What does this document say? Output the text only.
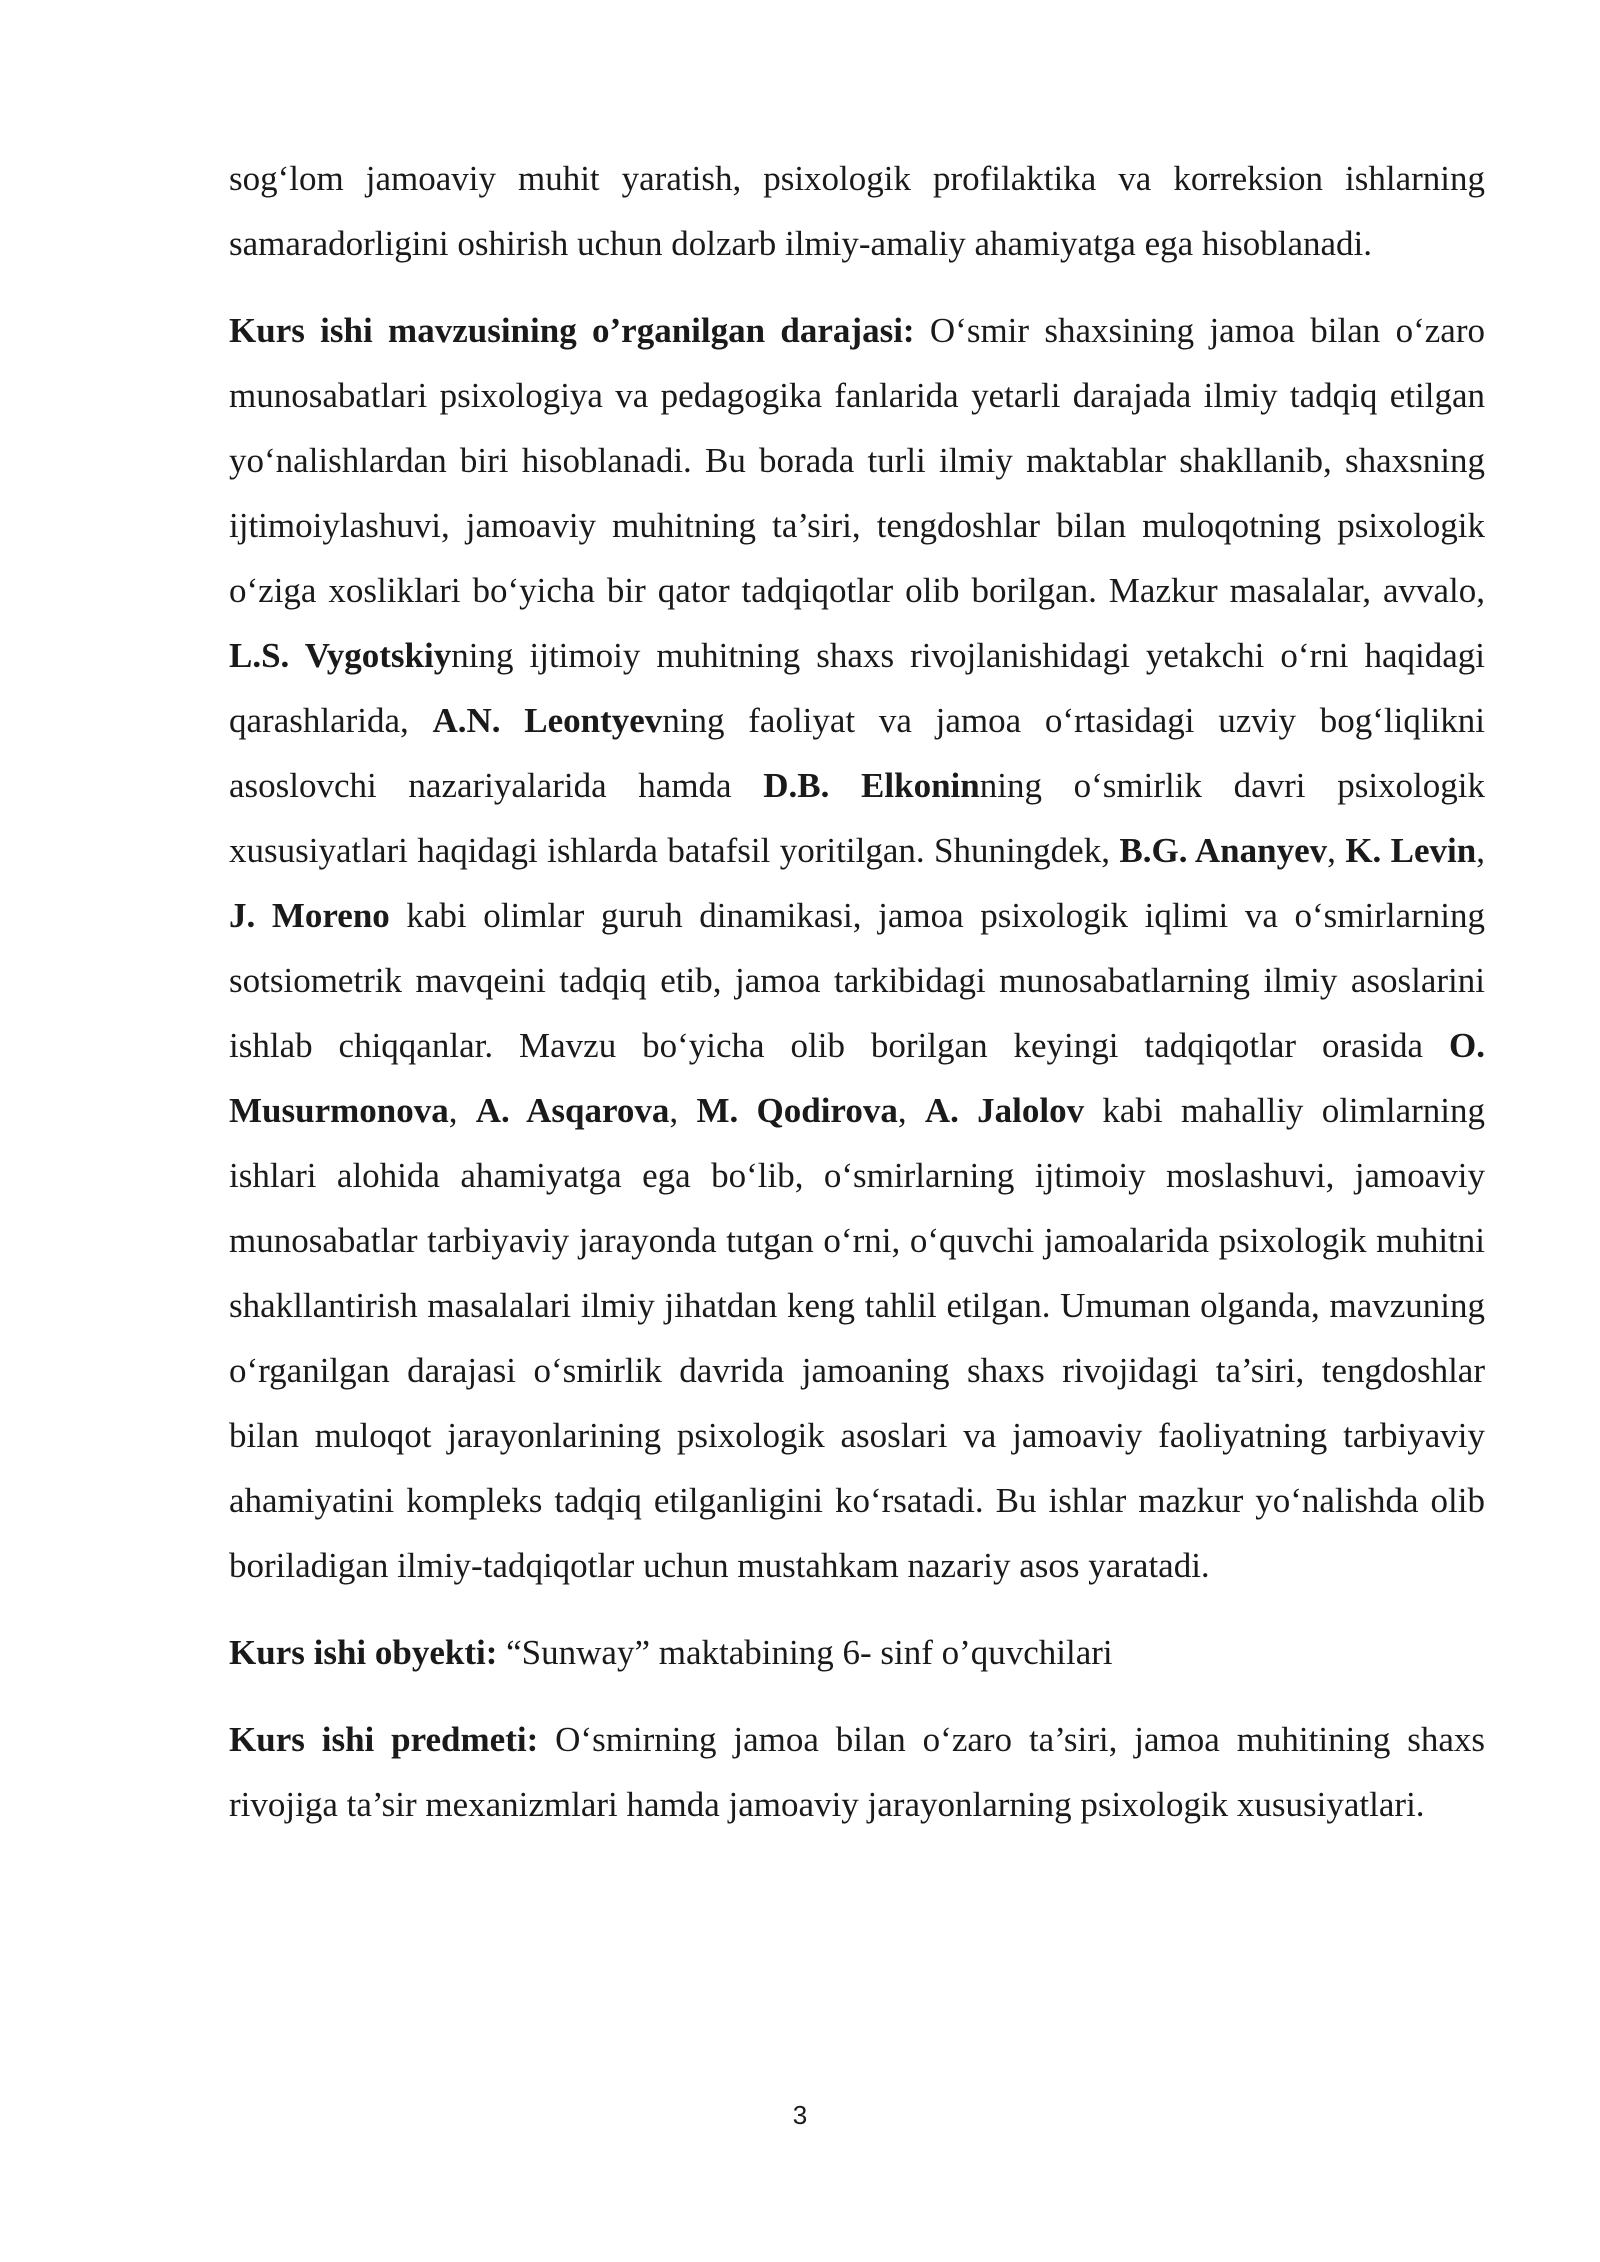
sog‘lom jamoaviy muhit yaratish, psixologik profilaktika va korreksion ishlarning samaradorligini oshirish uchun dolzarb ilmiy-amaliy ahamiyatga ega hisoblanadi.

Kurs ishi mavzusining o’rganilgan darajasi: O‘smir shaxsining jamoa bilan o‘zaro munosabatlari psixologiya va pedagogika fanlarida yetarli darajada ilmiy tadqiq etilgan yo‘nalishlardan biri hisoblanadi. Bu borada turli ilmiy maktablar shakllanib, shaxsning ijtimoiylashuvi, jamoaviy muhitning ta’siri, tengdoshlar bilan muloqotning psixologik o‘ziga xosliklari bo‘yicha bir qator tadqiqotlar olib borilgan. Mazkur masalalar, avvalo, L.S. Vygotskiyning ijtimoiy muhitning shaxs rivojlanishidagi yetakchi o‘rni haqidagi qarashlarida, A.N. Leontyevning faoliyat va jamoa o‘rtasidagi uzviy bog‘liqlikni asoslovchi nazariyalarida hamda D.B. Elkoninning o‘smirlik davri psixologik xususiyatlari haqidagi ishlarda batafsil yoritilgan. Shuningdek, B.G. Ananyev, K. Levin, J. Moreno kabi olimlar guruh dinamikasi, jamoa psixologik iqlimi va o‘smirlarning sotsiometrik mavqeini tadqiq etib, jamoa tarkibidagi munosabatlarning ilmiy asoslarini ishlab chiqqanlar. Mavzu bo‘yicha olib borilgan keyingi tadqiqotlar orasida O. Musurmonova, A. Asqarova, M. Qodirova, A. Jalolov kabi mahalliy olimlarning ishlari alohida ahamiyatga ega bo‘lib, o‘smirlarning ijtimoiy moslashuvi, jamoaviy munosabatlar tarbiyaviy jarayonda tutgan o‘rni, o‘quvchi jamoalarida psixologik muhitni shakllantirish masalalari ilmiy jihatdan keng tahlil etilgan. Umuman olganda, mavzuning o‘rganilgan darajasi o‘smirlik davrida jamoaning shaxs rivojidagi ta’siri, tengdoshlar bilan muloqot jarayonlarining psixologik asoslari va jamoaviy faoliyatning tarbiyaviy ahamiyatini kompleks tadqiq etilganligini ko‘rsatadi. Bu ishlar mazkur yo‘nalishda olib boriladigan ilmiy-tadqiqotlar uchun mustahkam nazariy asos yaratadi.

Kurs ishi obyekti: “Sunway” maktabining 6- sinf o’quvchilari

Kurs ishi predmeti: O‘smirning jamoa bilan o‘zaro ta’siri, jamoa muhitining shaxs rivojiga ta’sir mexanizmlari hamda jamoaviy jarayonlarning psixologik xususiyatlari.

3
